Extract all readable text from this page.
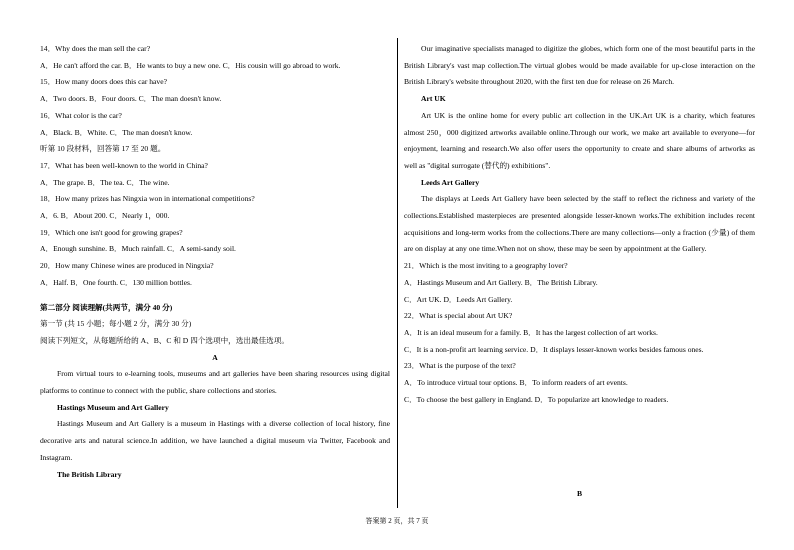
14．Why does the man sell the car?

A．He can't afford the car. B．He wants to buy a new one. C．His cousin will go abroad to work.

15．How many doors does this car have?

A．Two doors. B．Four doors. C．The man doesn't know.

16．What color is the car?

A．Black. B．White. C．The man doesn't know.

听第 10 段材料，回答第 17 至 20 题。

17．What has been well-known to the world in China?

A．The grape. B．The tea. C．The wine.

18．How many prizes has Ningxia won in international competitions?

A．6. B．About 200. C．Nearly 1，000.

19．Which one isn't good for growing grapes?

A．Enough sunshine. B．Much rainfall. C．A semi-sandy soil.

20．How many Chinese wines are produced in Ningxia?

A．Half. B．One fourth. C．130 million bottles.

第二部分 阅读理解(共两节，满分 40 分)

第一节 (共 15 小题；每小题 2 分，满分 30 分)

阅读下列短文，从每题所给的 A、B、C 和 D 四个选项中，选出最佳选项。

A

From virtual tours to e-learning tools, museums and art galleries have been sharing resources using digital platforms to continue to connect with the public, share collections and stories.

Hastings Museum and Art Gallery

Hastings Museum and Art Gallery is a museum in Hastings with a diverse collection of local history, fine decorative arts and natural science.In addition, we have launched a digital museum via Twitter, Facebook and Instagram.

The British Library

Our imaginative specialists managed to digitize the globes, which form one of the most beautiful parts in the British Library's vast map collection.The virtual globes would be made available for up-close interaction on the British Library's website throughout 2020, with the first ten due for release on 26 March.

Art UK

Art UK is the online home for every public art collection in the UK.Art UK is a charity, which features almost 250，000 digitized artworks available online.Through our work, we make art available to everyone—for enjoyment, learning and research.We also offer users the opportunity to create and share albums of artworks as well as "digital surrogate (替代的) exhibitions".

Leeds Art Gallery

The displays at Leeds Art Gallery have been selected by the staff to reflect the richness and variety of the collections.Established masterpieces are presented alongside lesser-known works.The exhibition includes recent acquisitions and long-term works from the collections.There are many collections—only a fraction (少量) of them are on display at any one time.When not on show, these may be seen by appointment at the Gallery.

21．Which is the most inviting to a geography lover?

A．Hastings Museum and Art Gallery. B．The British Library.

C．Art UK. D．Leeds Art Gallery.

22．What is special about Art UK?

A．It is an ideal museum for a family. B．It has the largest collection of art works.

C．It is a non-profit art learning service. D．It displays lesser-known works besides famous ones.

23．What is the purpose of the text?

A．To introduce virtual tour options. B．To inform readers of art events.

C．To choose the best gallery in England. D．To popularize art knowledge to readers.

B
答案第 2 页，共 7 页
